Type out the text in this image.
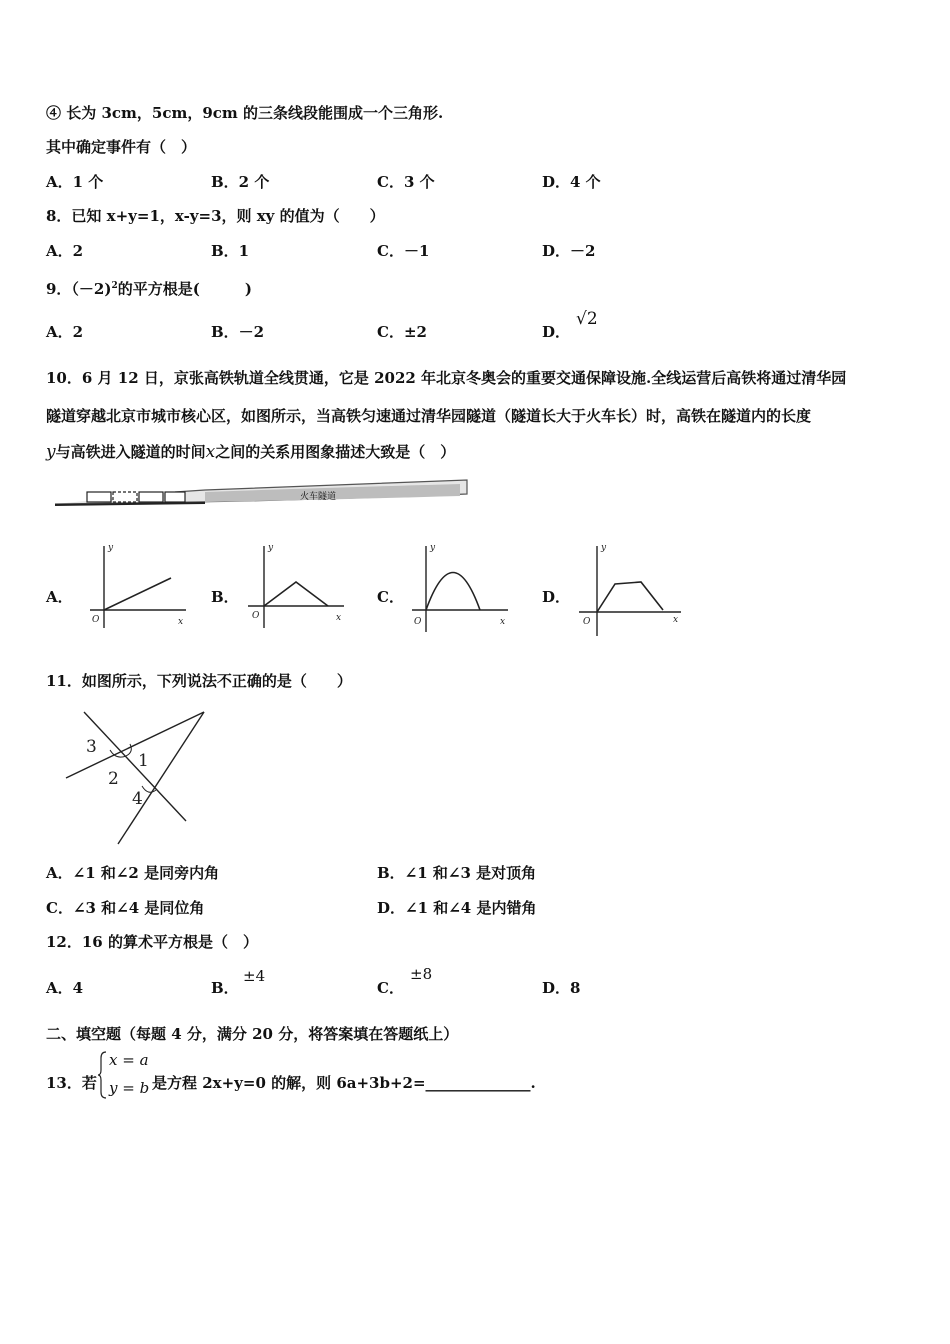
④ 长为 3cm，5cm，9cm 的三条线段能围成一个三角形.
其中确定事件有（　）
A．1 个	B．2 个	C．3 个	D．4 个
8．已知 x+y=1，x-y=3，则 xy 的值为（　　）
A．2	B．1	C．－1	D．－2
9．（－2)$^2$的平方根是(　　　)
A．2	B．－2	C．±2	D．
√2
10．6 月 12 日，京张高铁轨道全线贯通，它是 2022 年北京冬奥会的重要交通保障设施.全线运营后高铁将通过清华园
隧道穿越北京市城市核心区，如图所示，当高铁匀速通过清华园隧道（隧道长大于火车长）时，高铁在隧道内的长度
y与高铁进入隧道的时间x之间的关系用图象描述大致是（　）
火车隧道
A．	B．	C．	D．
y
x
O
y
x
O
y
x
O
y
x
O
11．如图所示，下列说法不正确的是（　　）
3
2
1
4
A．∠1 和∠2 是同旁内角	B．∠1 和∠3 是对顶角
C．∠3 和∠4 是同位角	D．∠1 和∠4 是内错角
12．16 的算术平方根是（　）
A．4	B．
±4
C．
±8
D．8
二、填空题（每题 4 分，满分 20 分，将答案填在答题纸上）
13．若
x = a
y = b 是方程 2x+y=0 的解，则 6a+3b+2=______________.
